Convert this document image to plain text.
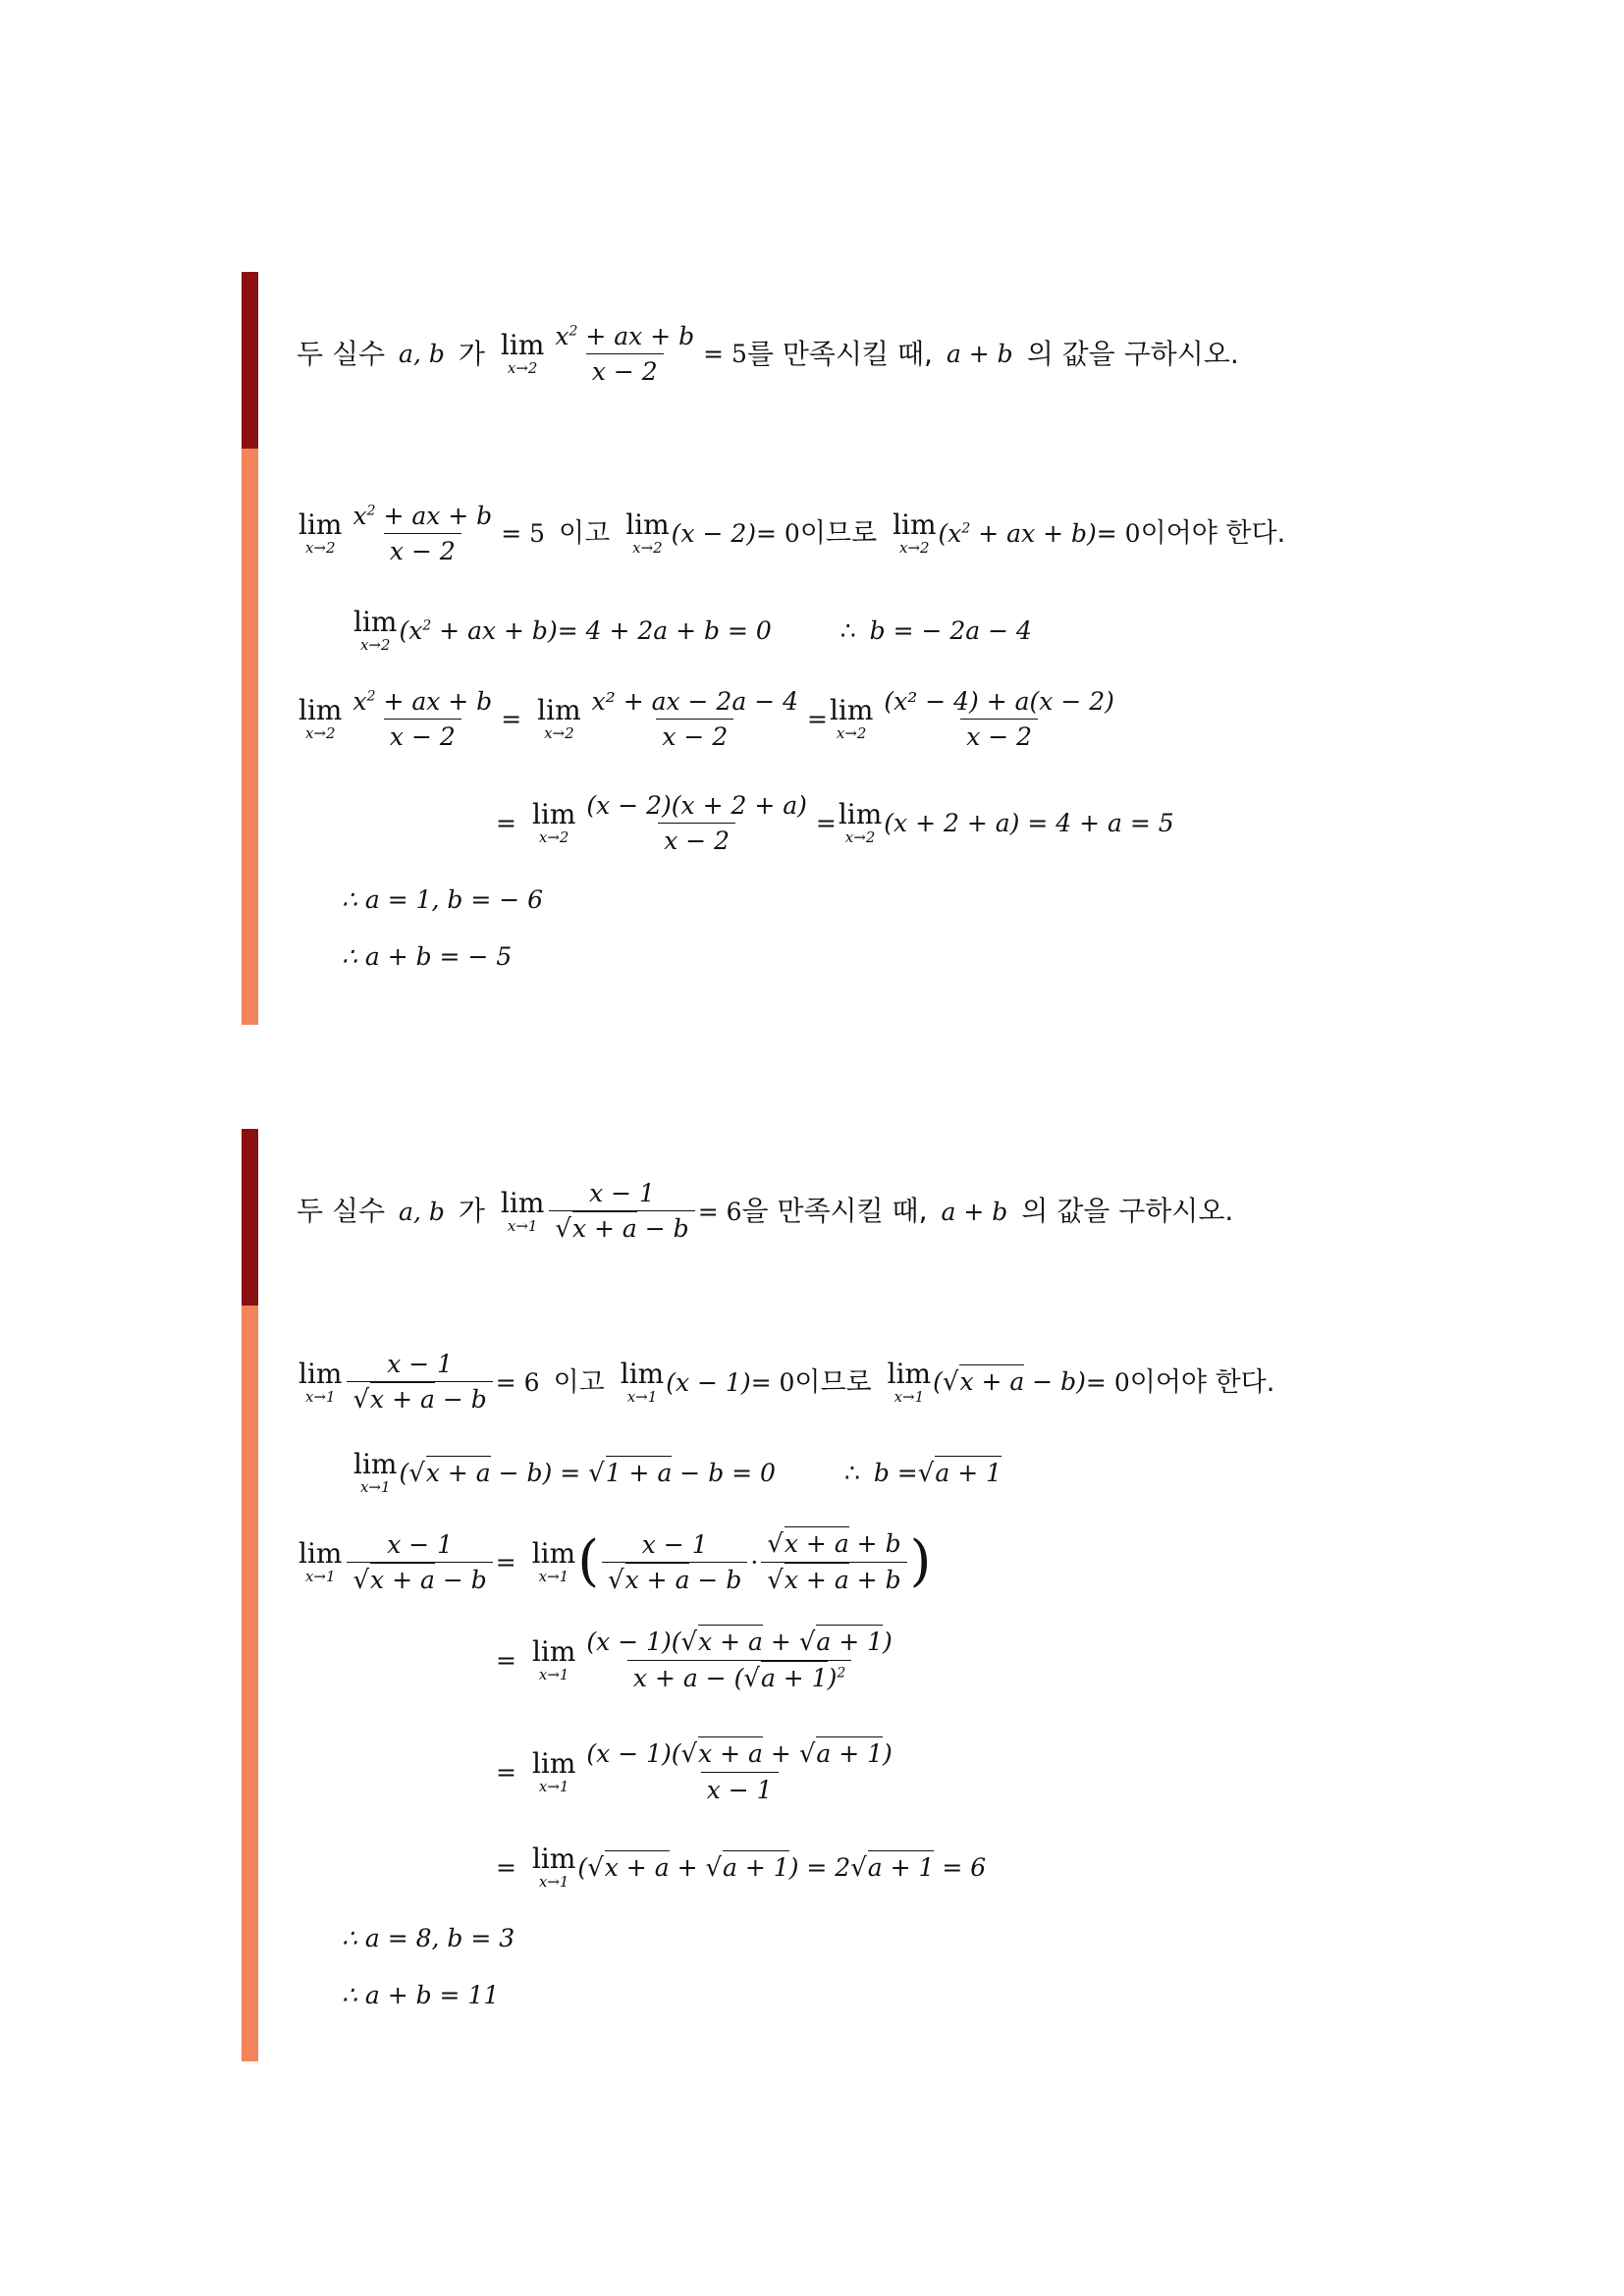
두 실수 a, b 가 lim
$x\to 2 \frac{x^2 + ax + b}{x - 2} = 5$ 를 만족시킬 때, a + b 의 값을 구하시오.
lim
$x\to 2 \frac{x^2 + ax + b}{x - 2} = 5$ 이고 lim
x→2 (x − 2) = 0 이므로 lim
x→2 ($x^2$ + ax + b) = 0 이어야 한다.
lim
x→2 ($x^2$ + ax + b) = 4 + 2a + b = 0	∴ b = − 2a − 4
lim
$x\to 2 \frac{x^2 + ax + b}{x - 2} = \lim$
$x\to 2 \frac{\text{x² + ax − 2a − 4}}{x - 2} = \lim$
x→2
(x² − 4) + a(x − 2)
x − 2
= lim
$x\to 2 \frac{(x - 2)(x + 2 + a)}{x - 2} = \lim$
x→2 (x + 2 + a) = 4 + a = 5
∴ a = 1, b = − 6
∴ a + b = − 5
두 실수 a, b 가 lim
$x\to 1 \frac{x - 1}{√x + a - b} = 6$ 을 만족시킬 때, a + b 의 값을 구하시오.
lim
$x\to 1 \frac{x - 1}{√x + a - b} = 6$ 이고 lim
x→1 (x − 1) = 0 이므로 lim
x→1
(√x + a − b) = 0 이어야 한다.
lim
x→1
(√x + a − b) = √1 + a − b = 0	∴ b = √a + 1
lim
$x\to 1 \frac{x - 1}{√x + a - b} = \lim$
x→1 ( x − 1
√x + a − b
·
√x + a + b
√x + a + b )
= lim
x→1
(x − 1)(√x + a + √a + 1)
$x + a - (√a + 1)^2$
= lim
x→1
(x − 1)(√x + a + √a + 1)
x − 1
= lim
x→1
(√x + a + √a + 1) = 2√a + 1 = 6
∴ a = 8, b = 3
∴ a + b = 11
